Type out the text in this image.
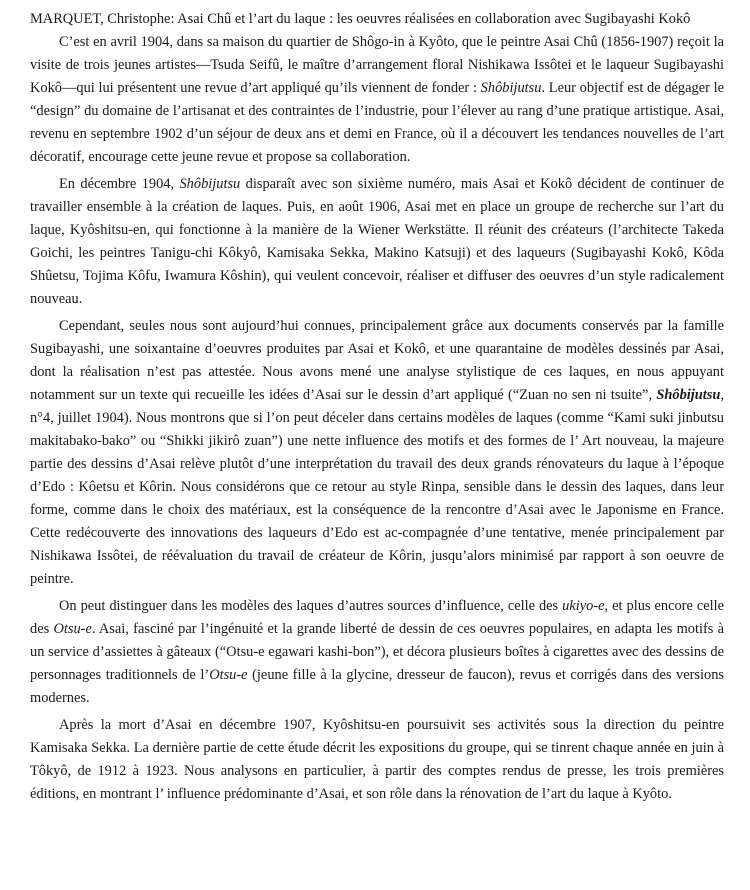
MARQUET, Christophe: Asai Chû et l’art du laque : les oeuvres réalisées en collaboration avec Sugibayashi Kokô

C’est en avril 1904, dans sa maison du quartier de Shôgo-in à Kyôto, que le peintre Asai Chû (1856-1907) reçoit la visite de trois jeunes artistes—Tsuda Seifû, le maître d’arrangement floral Nishikawa Issôtei et le laqueur Sugibayashi Kokô—qui lui présentent une revue d’art appliqué qu’ils viennent de fonder : Shôbijutsu. Leur objectif est de dégager le “design” du domaine de l’artisanat et des contraintes de l’industrie, pour l’élever au rang d’une pratique artistique. Asai, revenu en septembre 1902 d’un séjour de deux ans et demi en France, où il a découvert les tendances nouvelles de l’art décoratif, encourage cette jeune revue et propose sa collaboration.

En décembre 1904, Shôbijutsu disparaît avec son sixième numéro, mais Asai et Kokô décident de continuer de travailler ensemble à la création de laques. Puis, en août 1906, Asai met en place un groupe de recherche sur l’art du laque, Kyôshitsu-en, qui fonctionne à la manière de la Wiener Werkstätte. Il réunit des créateurs (l’architecte Takeda Goichi, les peintres Tanigu-chi Kôkyô, Kamisaka Sekka, Makino Katsuji) et des laqueurs (Sugibayashi Kokô, Kôda Shûetsu, Tojima Kôfu, Iwamura Kôshin), qui veulent concevoir, réaliser et diffuser des oeuvres d’un style radicalement nouveau.

Cependant, seules nous sont aujourd’hui connues, principalement grâce aux documents conservés par la famille Sugibayashi, une soixantaine d’oeuvres produites par Asai et Kokô, et une quarantaine de modèles dessinés par Asai, dont la réalisation n’est pas attestée. Nous avons mené une analyse stylistique de ces laques, en nous appuyant notamment sur un texte qui recueille les idées d’Asai sur le dessin d’art appliqué (“Zuan no sen ni tsuite”, Shôbijutsu, n°4, juillet 1904). Nous montrons que si l’on peut déceler dans certains modèles de laques (comme “Kami suki jinbutsu makitabako-bako” ou “Shikki jikirô zuan”) une nette influence des motifs et des formes de l’ Art nouveau, la majeure partie des dessins d’Asai relève plutôt d’une interprétation du travail des deux grands rénovateurs du laque à l’époque d’Edo : Kôetsu et Kôrin. Nous considérons que ce retour au style Rinpa, sensible dans le dessin des laques, dans leur forme, comme dans le choix des matériaux, est la conséquence de la rencontre d’Asai avec le Japonisme en France. Cette redécouverte des innovations des laqueurs d’Edo est ac-compagnée d’une tentative, menée principalement par Nishikawa Issôtei, de réévaluation du travail de créateur de Kôrin, jusqu’alors minimisé par rapport à son oeuvre de peintre.

On peut distinguer dans les modèles des laques d’autres sources d’influence, celle des ukiyo-e, et plus encore celle des Otsu-e. Asai, fasciné par l’ingénuité et la grande liberté de dessin de ces oeuvres populaires, en adapta les motifs à un service d’assiettes à gâteaux (“Otsu-e egawari kashi-bon”), et décora plusieurs boîtes à cigarettes avec des dessins de personnages traditionnels de l’Otsu-e (jeune fille à la glycine, dresseur de faucon), revus et corrigés dans des versions modernes.

Après la mort d’Asai en décembre 1907, Kyôshitsu-en poursuivit ses activités sous la direction du peintre Kamisaka Sekka. La dernière partie de cette étude décrit les expositions du groupe, qui se tinrent chaque année en juin à Tôkyô, de 1912 à 1923. Nous analysons en particulier, à partir des comptes rendus de presse, les trois premières éditions, en montrant l’ influence prédominante d’Asai, et son rôle dans la rénovation de l’art du laque à Kyôto.
